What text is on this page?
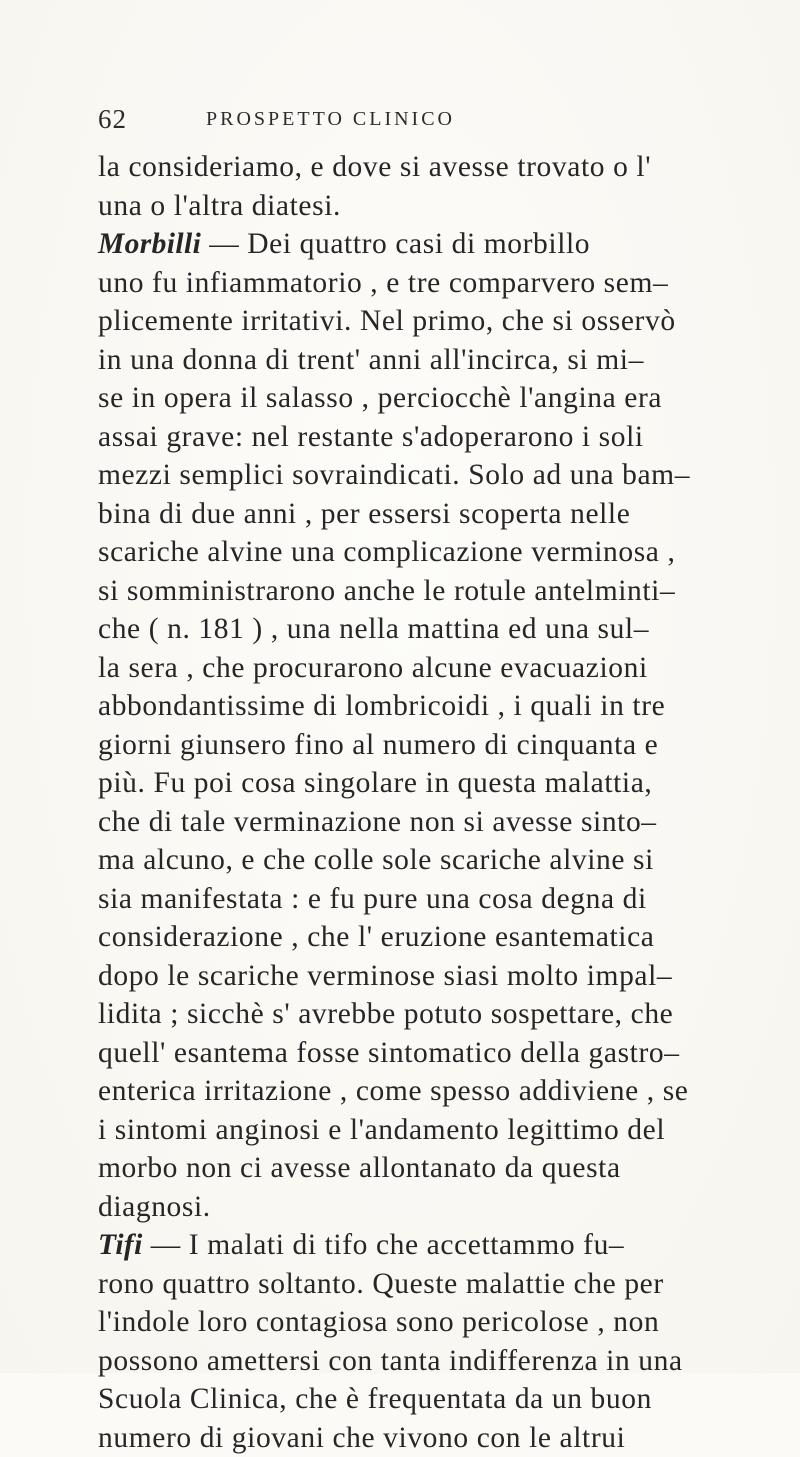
62	PROSPETTO CLINICO
la consideriamo, e dove si avesse trovato o l'
una o l'altra diatesi.
Morbilli — Dei quattro casi di morbillo
uno fu infiammatorio , e tre comparvero sem–
plicemente irritativi. Nel primo, che si osservò
in una donna di trent' anni all'incirca, si mi–
se in opera il salasso , perciocchè l'angina era
assai grave: nel restante s'adoperarono i soli
mezzi semplici sovraindicati. Solo ad una bam–
bina di due anni , per essersi scoperta nelle
scariche alvine una complicazione verminosa ,
si somministrarono anche le rotule antelminti–
che ( n. 181 ) , una nella mattina ed una sul–
la sera , che procurarono alcune evacuazioni
abbondantissime di lombricoidi , i quali in tre
giorni giunsero fino al numero di cinquanta e
più. Fu poi cosa singolare in questa malattia,
che di tale verminazione non si avesse sinto–
ma alcuno, e che colle sole scariche alvine si
sia manifestata : e fu pure una cosa degna di
considerazione , che l' eruzione esantematica
dopo le scariche verminose siasi molto impal–
lidita ; sicchè s' avrebbe potuto sospettare, che
quell' esantema fosse sintomatico della gastro–
enterica irritazione , come spesso addiviene , se
i sintomi anginosi e l'andamento legittimo del
morbo non ci avesse allontanato da questa
diagnosi.
Tifi — I malati di tifo che accettammo fu–
rono quattro soltanto. Queste malattie che per
l'indole loro contagiosa sono pericolose , non
possono amettersi con tanta indifferenza in una
Scuola Clinica, che è frequentata da un buon
numero di giovani che vivono con le altrui
